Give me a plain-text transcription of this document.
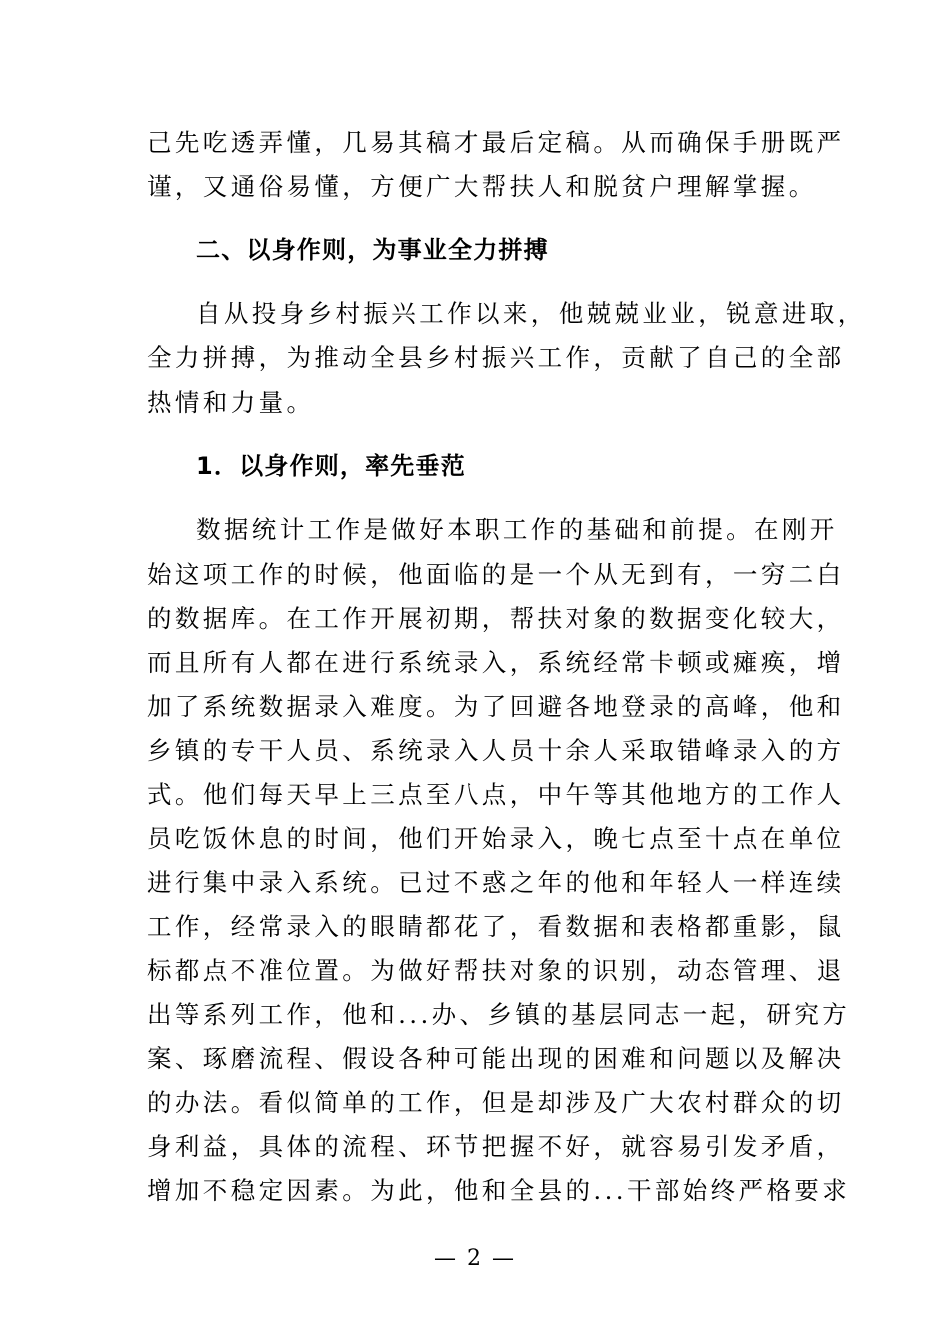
己先吃透弄懂，几易其稿才最后定稿。从而确保手册既严
谨，又通俗易懂，方便广大帮扶人和脱贫户理解掌握。
二、以身作则，为事业全力拼搏
自从投身乡村振兴工作以来，他兢兢业业，锐意进取，
全力拼搏，为推动全县乡村振兴工作，贡献了自己的全部
热情和力量。
1．以身作则，率先垂范
数据统计工作是做好本职工作的基础和前提。在刚开
始这项工作的时候，他面临的是一个从无到有，一穷二白
的数据库。在工作开展初期，帮扶对象的数据变化较大，
而且所有人都在进行系统录入，系统经常卡顿或瘫痪，增
加了系统数据录入难度。为了回避各地登录的高峰，他和
乡镇的专干人员、系统录入人员十余人采取错峰录入的方
式。他们每天早上三点至八点，中午等其他地方的工作人
员吃饭休息的时间，他们开始录入，晚七点至十点在单位
进行集中录入系统。已过不惑之年的他和年轻人一样连续
工作，经常录入的眼睛都花了，看数据和表格都重影，鼠
标都点不准位置。为做好帮扶对象的识别，动态管理、退
出等系列工作，他和...办、乡镇的基层同志一起，研究方
案、琢磨流程、假设各种可能出现的困难和问题以及解决
的办法。看似简单的工作，但是却涉及广大农村群众的切
身利益，具体的流程、环节把握不好，就容易引发矛盾，
增加不稳定因素。为此，他和全县的...干部始终严格要求
— 2 —
